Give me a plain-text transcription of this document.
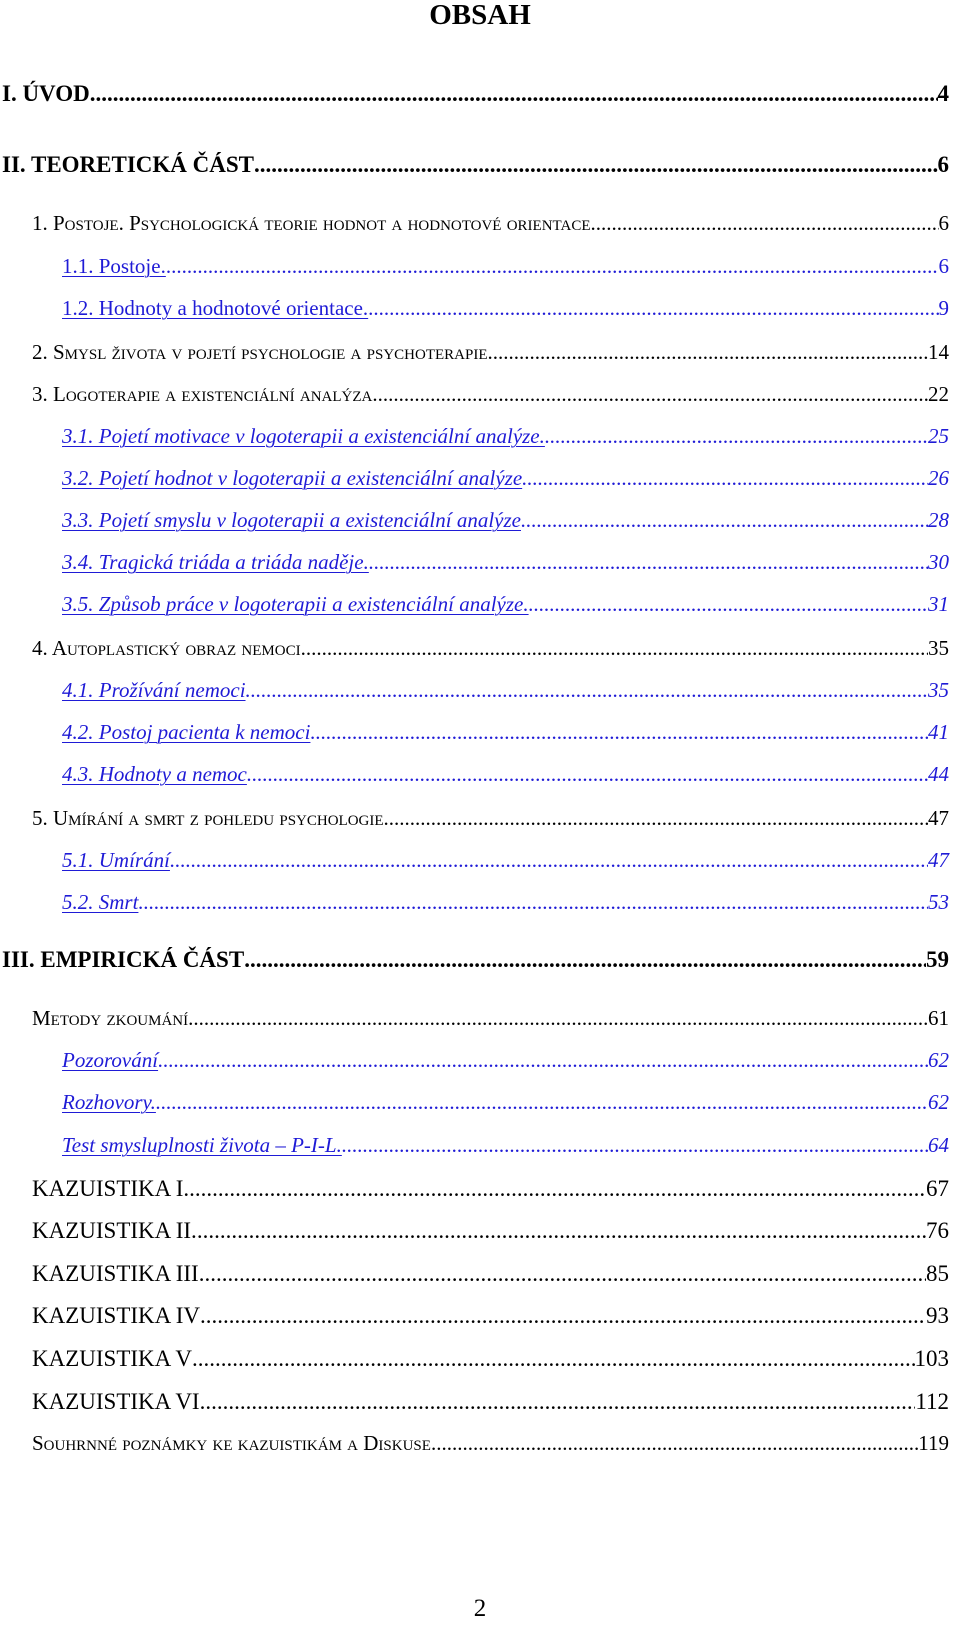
OBSAH
I. ÚVOD .....	4
II. TEORETICKÁ ČÁST .....	6
1. Postoje. Psychologická teorie hodnot a hodnotové orientace .....	6
1.1. Postoje. .....	6
1.2. Hodnoty a hodnotové orientace. .....	9
2. Smysl života v pojetí psychologie a psychoterapie .....	14
3. Logoterapie a existenciální analýza .....	22
3.1. Pojetí motivace v logoterapii a existenciální analýze. .....	25
3.2. Pojetí hodnot v logoterapii a existenciální analýze .....	26
3.3. Pojetí smyslu v logoterapii a existenciální analýze .....	28
3.4. Tragická triáda a triáda naděje. .....	30
3.5. Způsob práce v logoterapii a existenciální analýze. .....	31
4. Autoplastický obraz nemoci .....	35
4.1. Prožívání nemoci .....	35
4.2. Postoj pacienta k nemoci .....	41
4.3. Hodnoty a nemoc .....	44
5. Umírání a smrt z pohledu psychologie .....	47
5.1. Umírání .....	47
5.2. Smrt .....	53
III. EMPIRICKÁ ČÁST .....	59
Metody zkoumání .....	61
Pozorování .....	62
Rozhovory. .....	62
Test smysluplnosti života – P-I-L. .....	64
KAZUISTIKA I .....	67
KAZUISTIKA II. .....	76
KAZUISTIKA III .....	85
KAZUISTIKA IV .....	93
KAZUISTIKA V .....	103
KAZUISTIKA VI .....	112
Souhrnné poznámky ke kazuistikám a Diskuse .....	119
2
